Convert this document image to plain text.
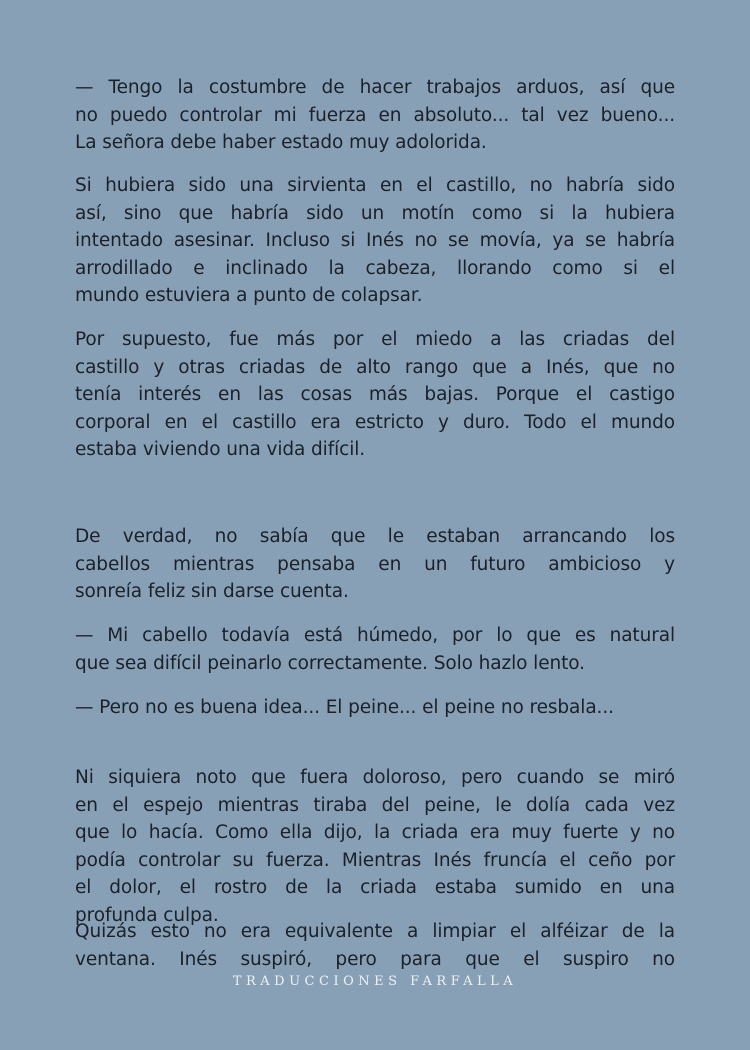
— Tengo la costumbre de hacer trabajos arduos, así que
no puedo controlar mi fuerza en absoluto... tal vez bueno...
La señora debe haber estado muy adolorida.
Si hubiera sido una sirvienta en el castillo, no habría sido
así, sino que habría sido un motín como si la hubiera
intentado asesinar. Incluso si Inés no se movía, ya se habría
arrodillado e inclinado la cabeza, llorando como si el
mundo estuviera a punto de colapsar.
Por supuesto, fue más por el miedo a las criadas del
castillo y otras criadas de alto rango que a Inés, que no
tenía interés en las cosas más bajas. Porque el castigo
corporal en el castillo era estricto y duro. Todo el mundo
estaba viviendo una vida difícil.
De verdad, no sabía que le estaban arrancando los
cabellos mientras pensaba en un futuro ambicioso y
sonreía feliz sin darse cuenta.
— Mi cabello todavía está húmedo, por lo que es natural
que sea difícil peinarlo correctamente. Solo hazlo lento.
— Pero no es buena idea... El peine... el peine no resbala...
Ni siquiera noto que fuera doloroso, pero cuando se miró
en el espejo mientras tiraba del peine, le dolía cada vez
que lo hacía. Como ella dijo, la criada era muy fuerte y no
podía controlar su fuerza. Mientras Inés fruncía el ceño por
el dolor, el rostro de la criada estaba sumido en una
profunda culpa.
Quizás esto no era equivalente a limpiar el alféizar de la
ventana. Inés suspiró, pero para que el suspiro no
TRADUCCIONES FARFALLA
